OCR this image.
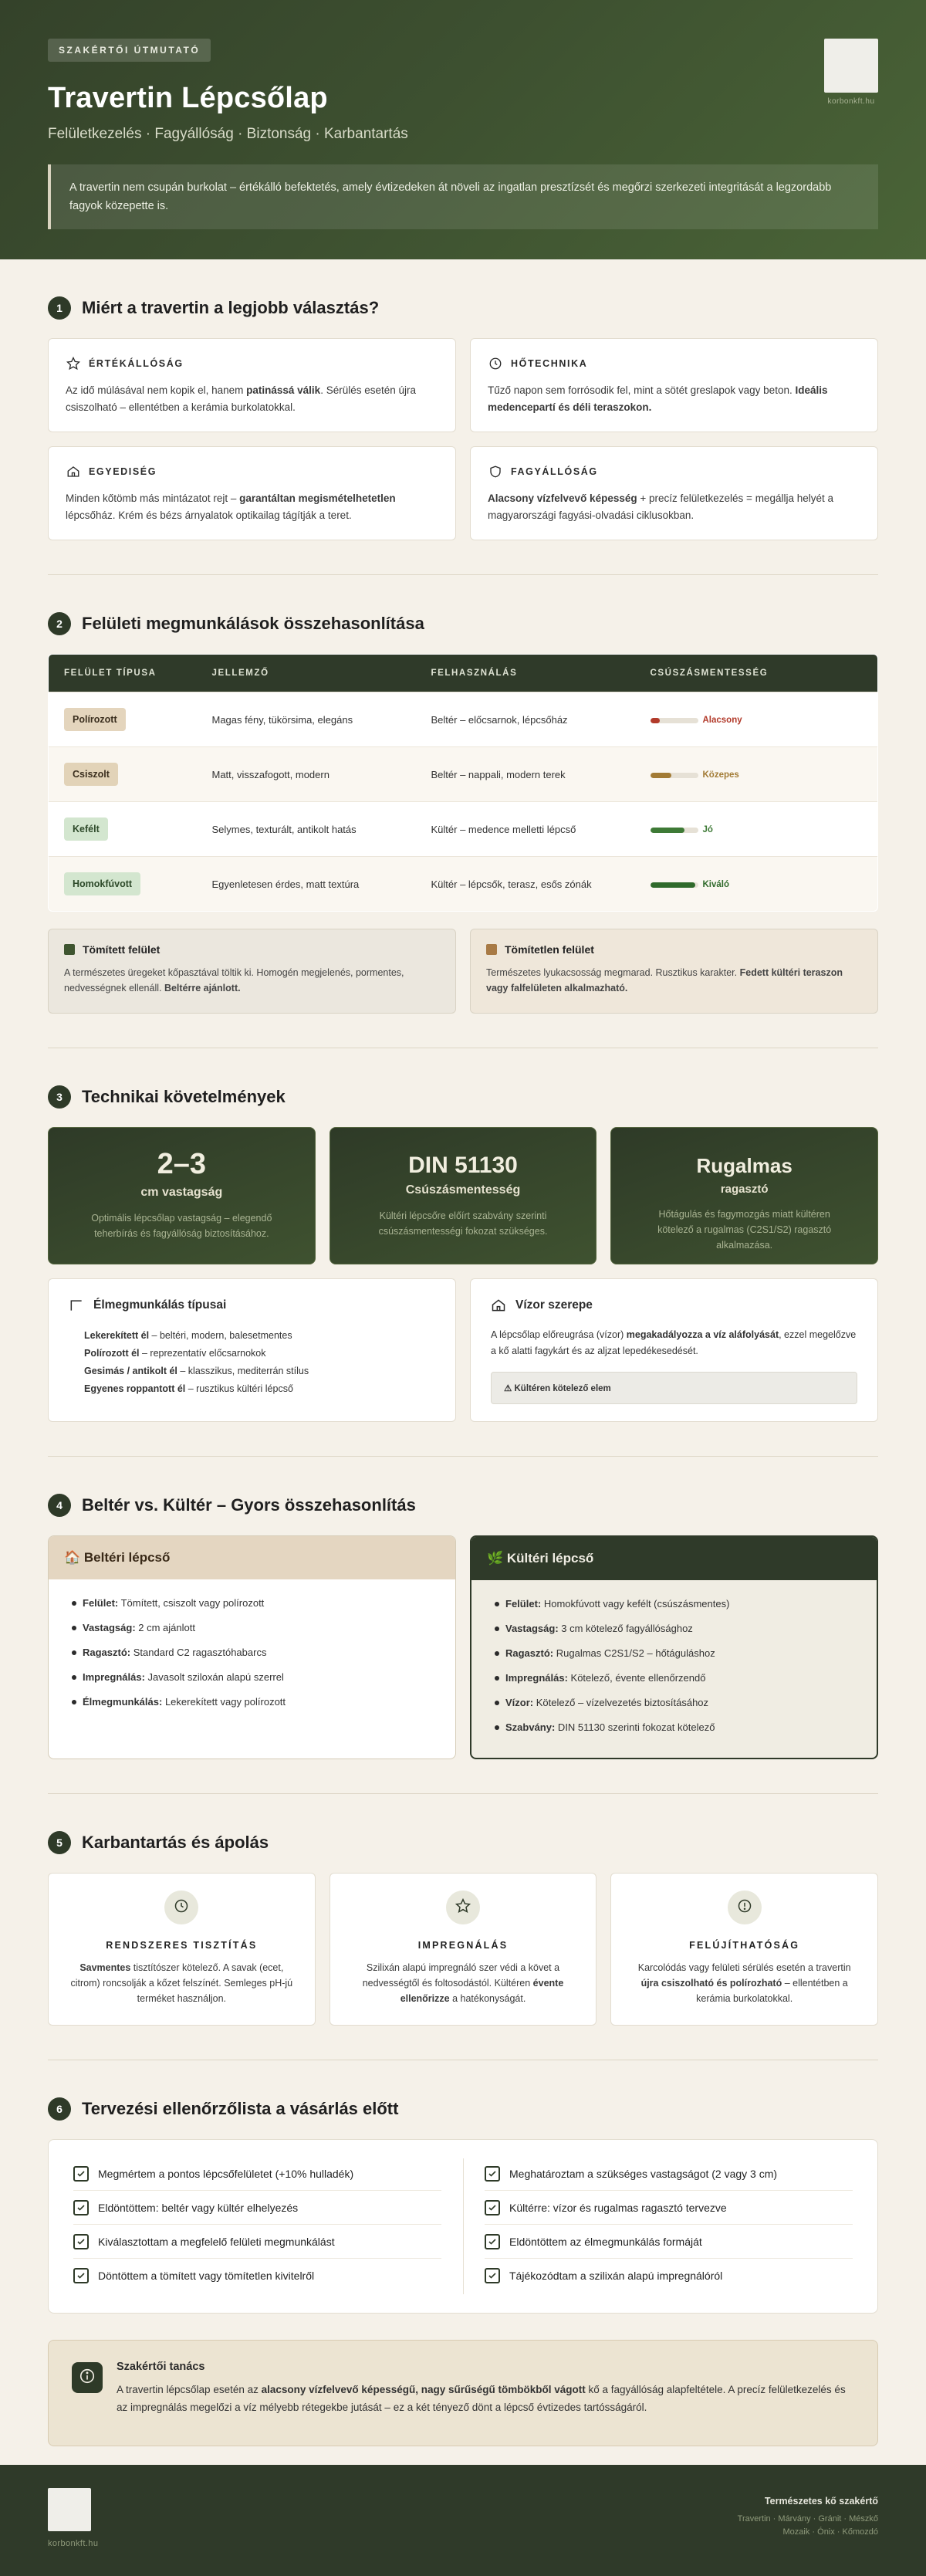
SZAKÉRTŐI ÚTMUTATÓ
Travertin Lépcsőlap
Felületkezelés · Fagyállóság · Biztonság · Karbantartás
korbonkft.hu
A travertin nem csupán burkolat – értékálló befektetés, amely évtizedeken át növeli az ingatlan presztízsét és megőrzi szerkezeti integritását a legzordabb fagyok közepette is.
1	Miért a travertin a legjobb választás?
ÉRTÉKÁLLÓSÁG

Az idő múlásával nem kopik el, hanem patinássá válik. Sérülés esetén újra csiszolható – ellentétben a kerámia burkolatokkal.

HŐTECHNIKA

Tűző napon sem forrósodik fel, mint a sötét greslapok vagy beton. Ideális medencepartí és déli teraszokon.

EGYEDISÉG

Minden kőtömb más mintázatot rejt – garantáltan megismételhetetlen lépcsőház. Krém és bézs árnyalatok optikailag tágítják a teret.

FAGYÁLLÓSÁG

Alacsony vízfelvevő képesség + precíz felületkezelés = megállja helyét a magyarországi fagyási-olvadási ciklusokban.

2	Felületi megmunkálások összehasonlítása
FELÜLET TÍPUSA	JELLEMZŐ	FELHASZNÁLÁS	CSÚSZÁSMENTESSÉG
Polírozott	Magas fény, tükörsima, elegáns	Beltér – előcsarnok, lépcsőház	Alacsony

Csiszolt	Matt, visszafogott, modern	Beltér – nappali, modern terek	Közepes

Kefélt	Selymes, texturált, antikolt hatás	Kültér – medence melletti lépcső	Jó

Homokfúvott	Egyenletesen érdes, matt textúra	Kültér – lépcsők, terasz, esős zónák	Kiváló
Tömített felület

A természetes üregeket kőpasztával töltik ki. Homogén megjelenés, pormentes, nedvességnek ellenáll. Beltérre ajánlott.

Tömítetlen felület

Természetes lyukacsosság megmarad. Rusztikus karakter. Fedett kültéri teraszon vagy falfelületen alkalmazható.

3	Technikai követelmények
2–3
cm vastagság
Optimális lépcsőlap vastagság – elegendő teherbírás és fagyállóság biztosításához.
DIN 51130
Csúszásmentesség
Kültéri lépcsőre előírt szabvány szerinti csúszásmentességi fokozat szükséges.
Rugalmas
ragasztó
Hőtágulás és fagymozgás miatt kültéren kötelező a rugalmas (C2S1/S2) ragasztó alkalmazása.
Élmegmunkálás típusai
Lekerekített él – beltéri, modern, balesetmentes
Polírozott él – reprezentatív előcsarnokok
Gesimás / antikolt él – klasszikus, mediterrán stílus
Egyenes roppantott él – rusztikus kültéri lépcső
Vízor szerepe

A lépcsőlap előreugrása (vízor) megakadályozza a víz aláfolyását, ezzel megelőzve a kő alatti fagykárt és az aljzat lepedékesedését.

⚠ Kültéren kötelező elem
4	Beltér vs. Kültér – Gyors összehasonlítás
🏠 Beltéri lépcső
Felület: Tömített, csiszolt vagy polírozott
Vastagság: 2 cm ajánlott
Ragasztó: Standard C2 ragasztóhabarcs
Impregnálás: Javasolt sziloxán alapú szerrel
Élmegmunkálás: Lekerekített vagy polírozott
🌿 Kültéri lépcső
Felület: Homokfúvott vagy kefélt (csúszásmentes)
Vastagság: 3 cm kötelező fagyállósághoz
Ragasztó: Rugalmas C2S1/S2 – hőtáguláshoz
Impregnálás: Kötelező, évente ellenőrzendő
Vízor: Kötelező – vízelvezetés biztosításához
Szabvány: DIN 51130 szerinti fokozat kötelező
5	Karbantartás és ápolás
RENDSZERES TISZTÍTÁS

Savmentes tisztítószer kötelező. A savak (ecet, citrom) roncsolják a kőzet felszínét. Semleges pH-jú terméket használjon.

IMPREGNÁLÁS

Szilixán alapú impregnáló szer védi a követ a nedvességtől és foltosodástól. Kültéren évente ellenőrizze a hatékonyságát.

FELÚJÍTHATÓSÁG

Karcolódás vagy felületi sérülés esetén a travertin újra csiszolható és polírozható – ellentétben a kerámia burkolatokkal.

6	Tervezési ellenőrzőlista a vásárlás előtt
Megmértem a pontos lépcsőfelületet (+10% hulladék)
Eldöntöttem: beltér vagy kültér elhelyezés
Kiválasztottam a megfelelő felületi megmunkálást
Döntöttem a tömített vagy tömítetlen kivitelről
Meghatároztam a szükséges vastagságot (2 vagy 3 cm)
Kültérre: vízor és rugalmas ragasztó tervezve
Eldöntöttem az élmegmunkálás formáját
Tájékozódtam a szilixán alapú impregnálóról
Szakértői tanács

A travertin lépcsőlap esetén az alacsony vízfelvevő képességű, nagy sűrűségű tömbökből vágott kő a fagyállóság alapfeltétele. A precíz felületkezelés és az impregnálás megelőzi a víz mélyebb rétegekbe jutását – ez a két tényező dönt a lépcső évtizedes tartósságáról.

korbonkft.hu
Természetes kő szakértő
Travertin · Márvány · Gránit · Mészkő
Mozaik · Ónix · Kőmozdó
